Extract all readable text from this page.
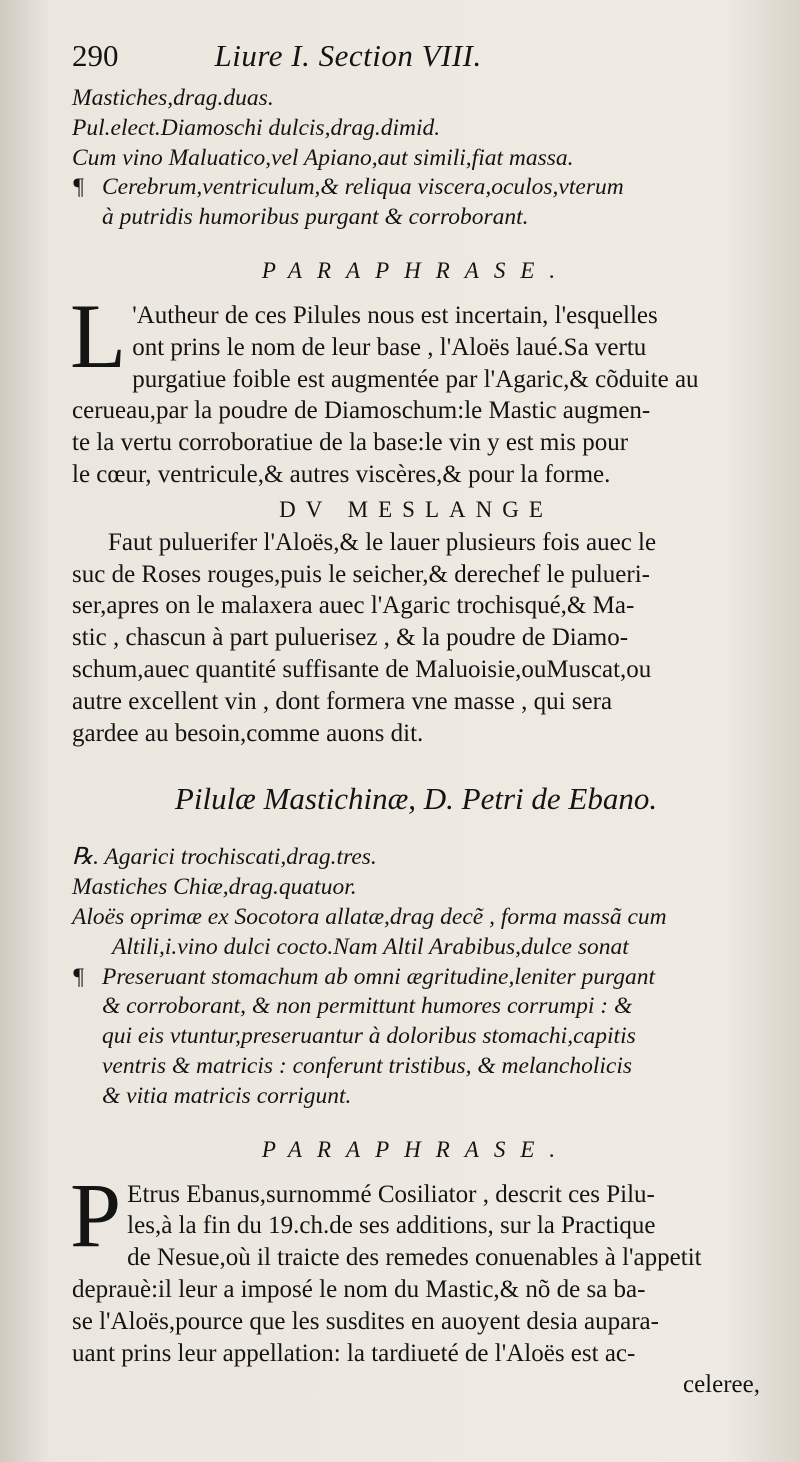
290	Liure I. Section VIII.
Mastiches,drag.duas.
Pul.elect.Diamoschi dulcis,drag.dimid.
Cum vino Maluatico,vel Apiano,aut simili,fiat massa.
¶ Cerebrum,ventriculum,& reliqua viscera,oculos,vterum
à putridis humoribus purgant & corroborant.
PARAPHRASE.
L 'Autheur de ces Pilules nous est incertain, l'esquelles
ont prins le nom de leur base , l'Aloës laué.Sa vertu
purgatiue foible est augmentée par l'Agaric,& cõduite au
cerueau,par la poudre de Diamoschum:le Mastic augmen-
te la vertu corroboratiue de la base:le vin y est mis pour
le cœur, ventricule,& autres viscères,& pour la forme.
DV MESLANGE
Faut puluerifer l'Aloës,& le lauer plusieurs fois auec le
suc de Roses rouges,puis le seicher,& derechef le pulueri-
ser,apres on le malaxera auec l'Agaric trochisqué,& Ma-
stic , chascun à part puluerisez , & la poudre de Diamo-
schum,auec quantité suffisante de Maluoisie,ouMuscat,ou
autre excellent vin , dont formera vne masse , qui sera
gardee au besoin,comme auons dit.
Pilulæ Mastichinæ, D. Petri de Ebano.
℞. Agarici trochiscati,drag.tres.
Mastiches Chiæ,drag.quatuor.
Aloës oprimæ ex Socotora allatæ,drag decẽ , forma massã cum
Altili,i.vino dulci cocto.Nam Altil Arabibus,dulce sonat
¶ Preseruant stomachum ab omni ægritudine,leniter purgant
& corroborant, & non permittunt humores corrumpi : &
qui eis vtuntur,preseruantur à doloribus stomachi,capitis
ventris & matricis : conferunt tristibus, & melancholicis
& vitia matricis corrigunt.
PARAPHRASE.
P Etrus Ebanus,surnommé Cosiliator , descrit ces Pilu-
les,à la fin du 19.ch.de ses additions, sur la Practique
de Nesue,où il traicte des remedes conuenables à l'appetit
deprauè:il leur a imposé le nom du Mastic,& nõ de sa ba-
se l'Aloës,pource que les susdites en auoyent desia aupara-
uant prins leur appellation: la tardiueté de l'Aloës est ac-
celeree,
